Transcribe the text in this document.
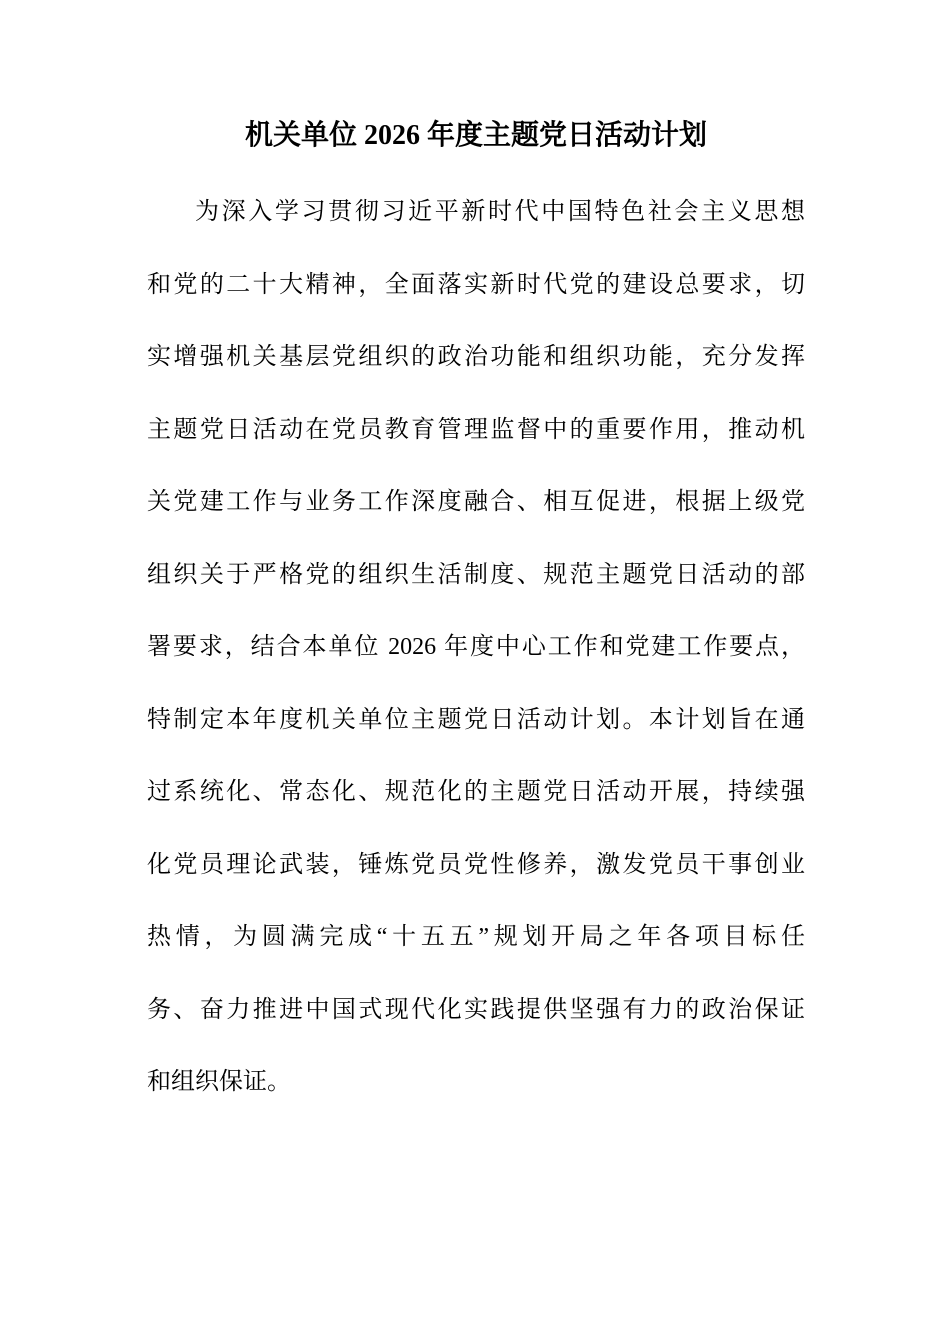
机关单位 2026 年度主题党日活动计划
为深入学习贯彻习近平新时代中国特色社会主义思想
和党的二十大精神，全面落实新时代党的建设总要求，切
实增强机关基层党组织的政治功能和组织功能，充分发挥
主题党日活动在党员教育管理监督中的重要作用，推动机
关党建工作与业务工作深度融合、相互促进，根据上级党
组织关于严格党的组织生活制度、规范主题党日活动的部
署要求，结合本单位 2026 年度中心工作和党建工作要点，
特制定本年度机关单位主题党日活动计划。本计划旨在通
过系统化、常态化、规范化的主题党日活动开展，持续强
化党员理论武装，锤炼党员党性修养，激发党员干事创业
热情，为圆满完成“十五五”规划开局之年各项目标任
务、奋力推进中国式现代化实践提供坚强有力的政治保证
和组织保证。
